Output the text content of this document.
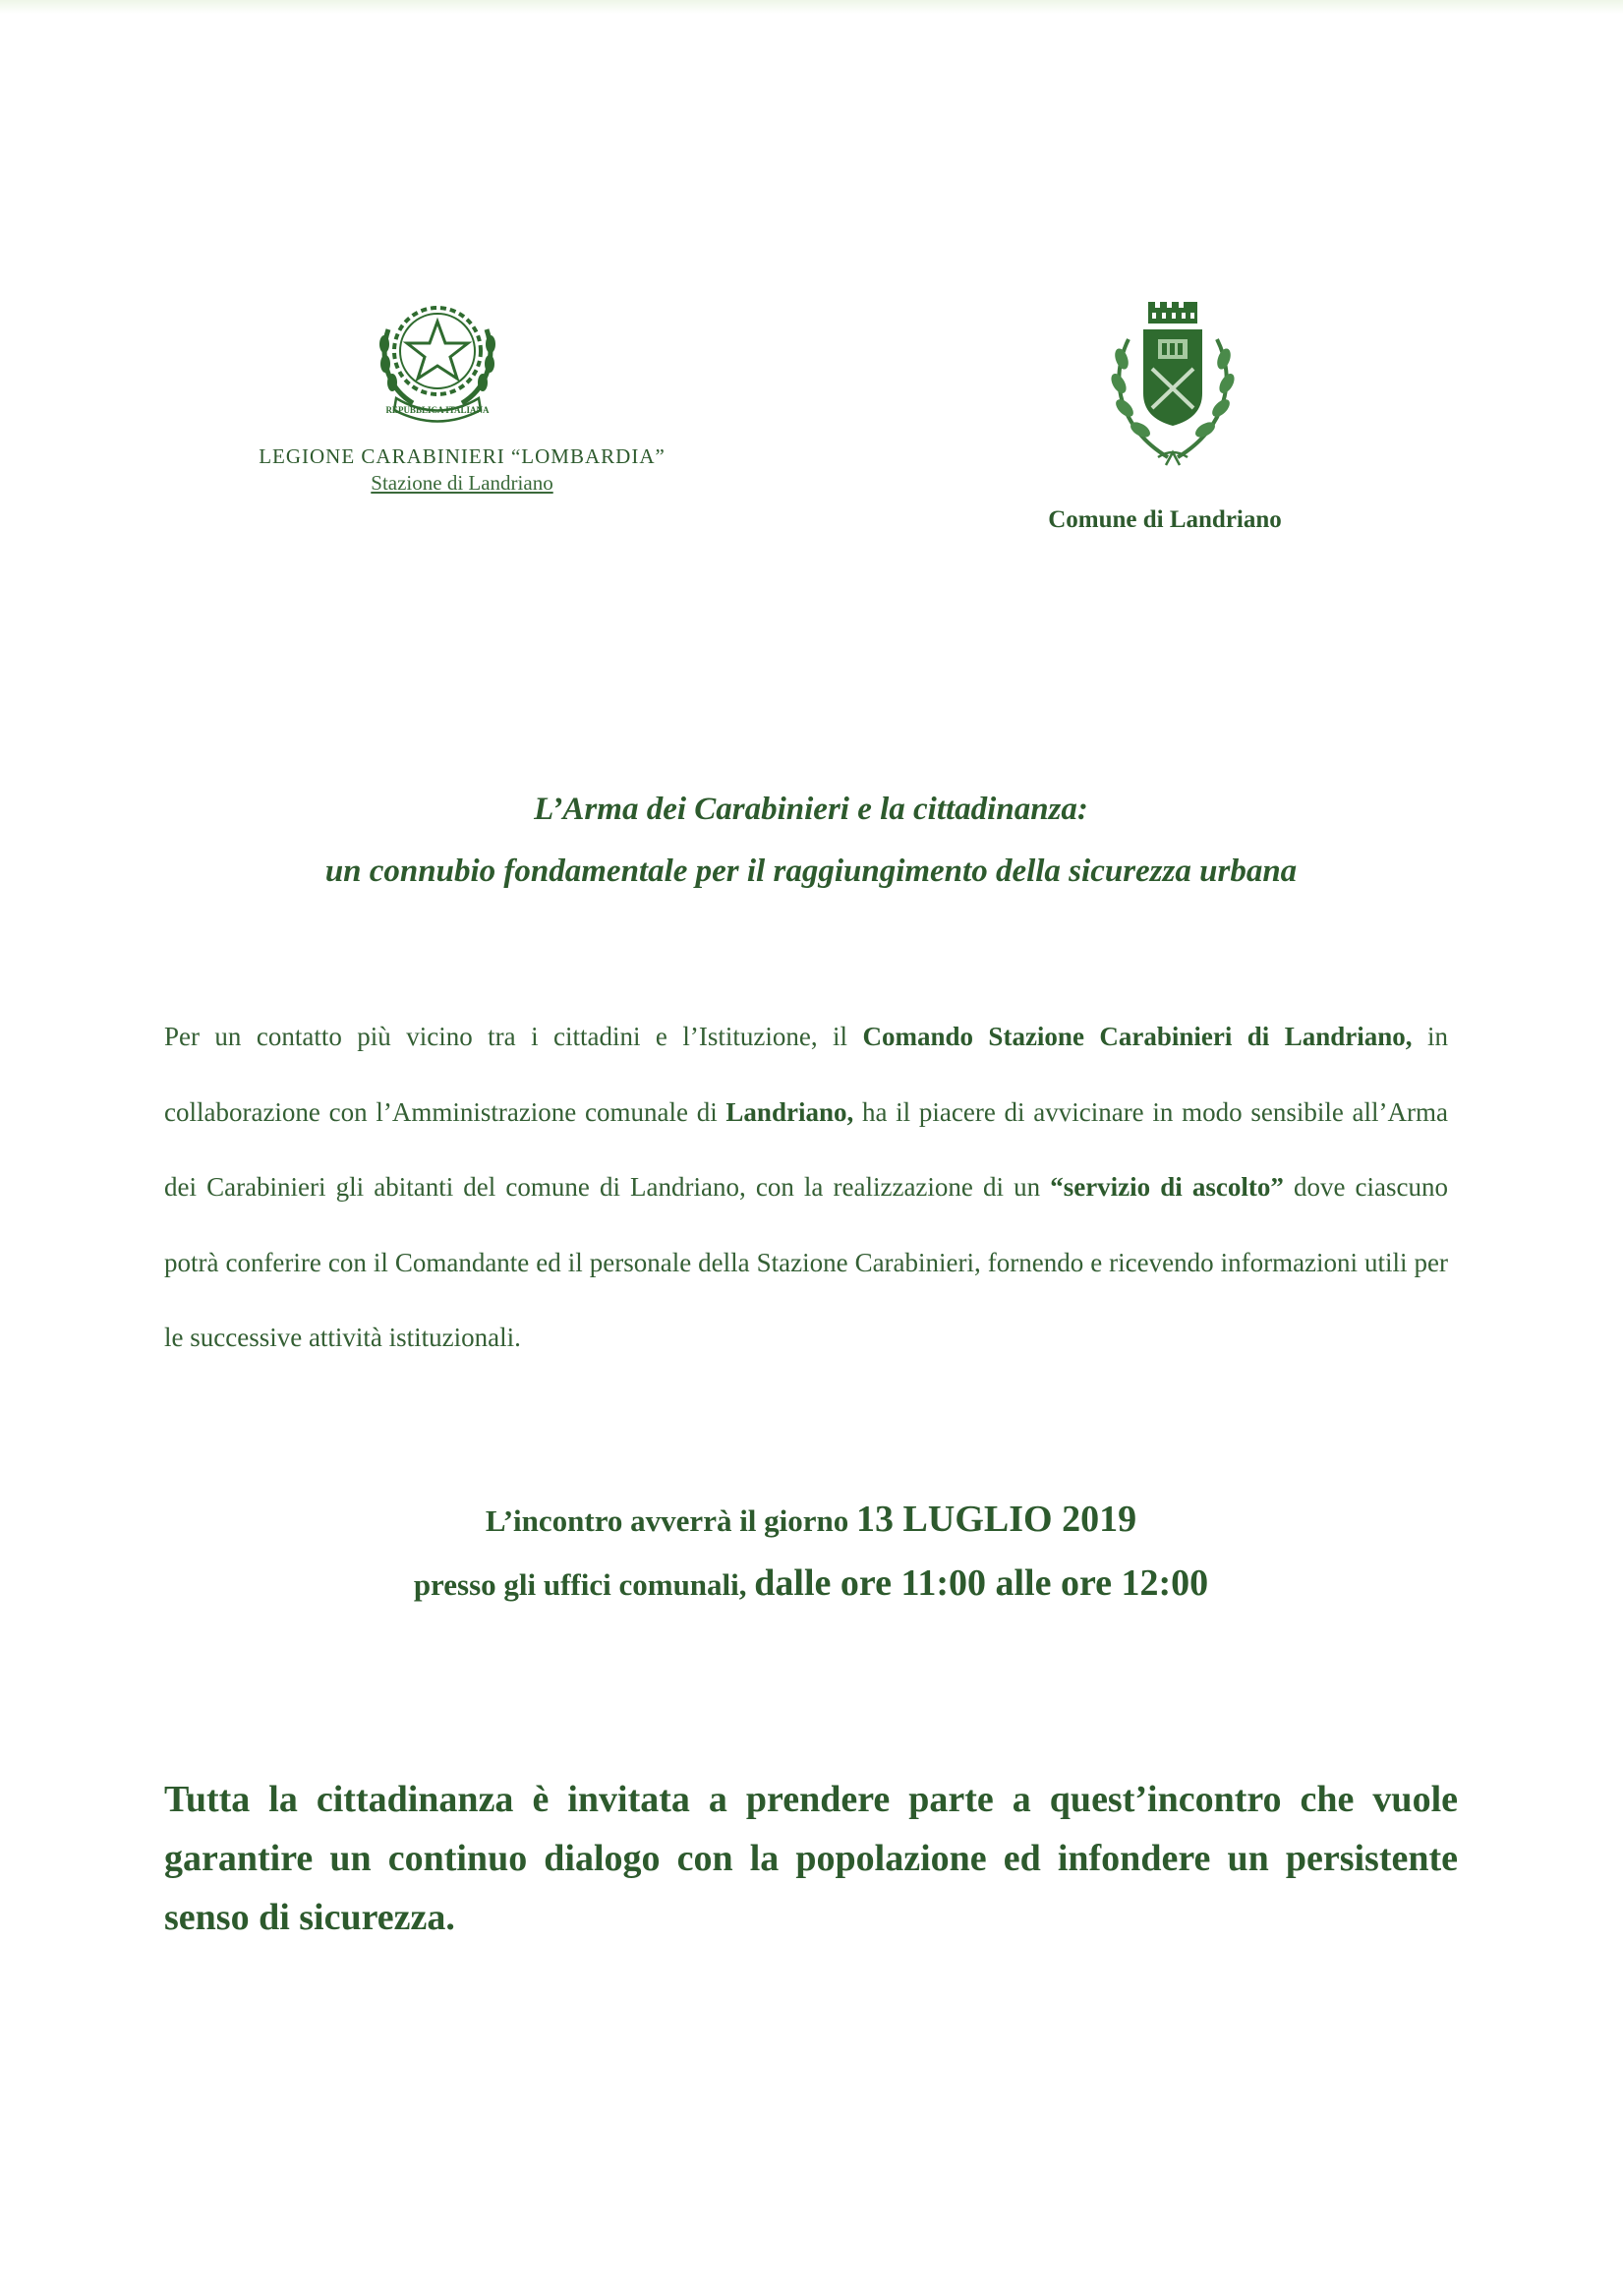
REPUBBLICA ITALIANA
LEGIONE CARABINIERI “LOMBARDIA”
Stazione di Landriano
Comune di Landriano
L’Arma dei Carabinieri e la cittadinanza:
un connubio fondamentale per il raggiungimento della sicurezza urbana
Per un contatto più vicino tra i cittadini e l’Istituzione, il Comando Stazione Carabinieri di Landriano, in collaborazione con l’Amministrazione comunale di Landriano, ha il piacere di avvicinare in modo sensibile all’Arma dei Carabinieri gli abitanti del comune di Landriano, con la realizzazione di un “servizio di ascolto” dove ciascuno potrà conferire con il Comandante ed il personale della Stazione Carabinieri, fornendo e ricevendo informazioni utili per le successive attività istituzionali.
L’incontro avverrà il giorno 13 LUGLIO 2019
presso gli uffici comunali, dalle ore 11:00 alle ore 12:00
Tutta la cittadinanza è invitata a prendere parte a quest’incontro che vuole garantire un continuo dialogo con la popolazione ed infondere un persistente senso di sicurezza.
